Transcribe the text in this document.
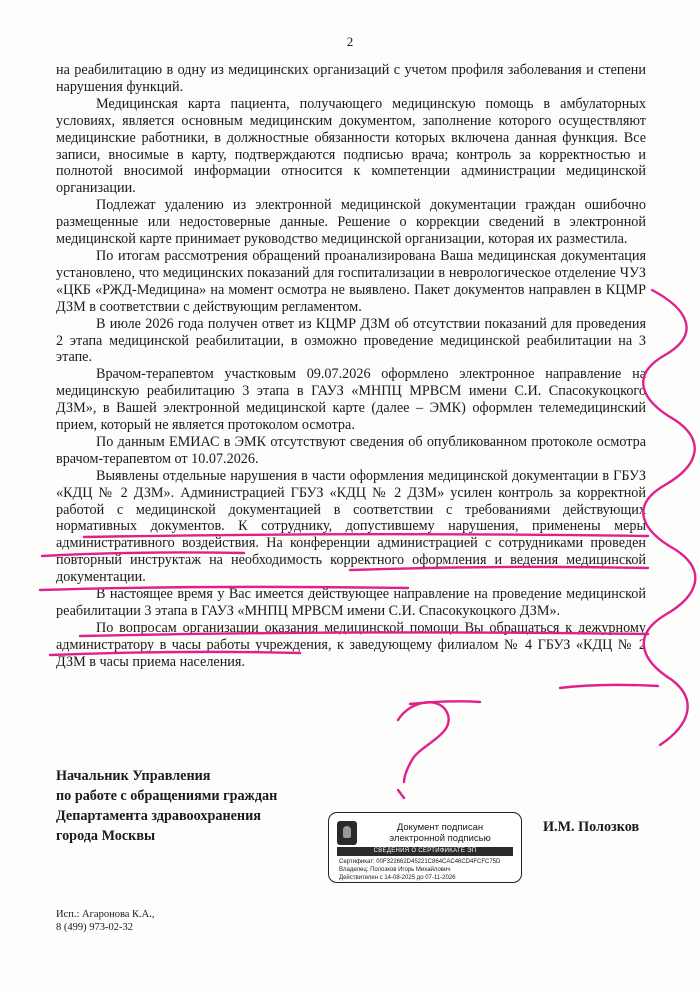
2

на реабилитацию в одну из медицинских организаций с учетом профиля заболевания и степени нарушения функций.

Медицинская карта пациента, получающего медицинскую помощь в амбулаторных условиях, является основным медицинским документом, заполнение которого осуществляют медицинские работники, в должностные обязанности которых включена данная функция. Все записи, вносимые в карту, подтверждаются подписью врача; контроль за корректностью и полнотой вносимой информации относится к компетенции администрации медицинской организации.

Подлежат удалению из электронной медицинской документации граждан ошибочно размещенные или недостоверные данные. Решение о коррекции сведений в электронной медицинской карте принимает руководство медицинской организации, которая их разместила.

По итогам рассмотрения обращений проанализирована Ваша медицинская документация установлено, что медицинских показаний для госпитализации в неврологическое отделение ЧУЗ «ЦКБ «РЖД-Медицина» на момент осмотра не выявлено. Пакет документов направлен в КЦМР ДЗМ в соответствии с действующим регламентом.

В июле 2026 года получен ответ из КЦМР ДЗМ об отсутствии показаний для проведения 2 этапа медицинской реабилитации, в озможно проведение медицинской реабилитации на 3 этапе.

Врачом-терапевтом участковым 09.07.2026 оформлено электронное направление на медицинскую реабилитацию 3 этапа в ГАУЗ «МНПЦ МРВСМ имени С.И. Спасокукоцкого ДЗМ», в Вашей электронной медицинской карте (далее – ЭМК) оформлен телемедицинский прием, который не является протоколом осмотра.

По данным ЕМИАС в ЭМК отсутствуют сведения об опубликованном протоколе осмотра врачом-терапевтом от 10.07.2026.

Выявлены отдельные нарушения в части оформления медицинской документации в ГБУЗ «КДЦ № 2 ДЗМ». Администрацией ГБУЗ «КДЦ № 2 ДЗМ» усилен контроль за корректной работой с медицинской документацией в соответствии с требованиями действующих нормативных документов. К сотруднику, допустившему нарушения, применены меры административного воздействия. На конференции администрацией с сотрудниками проведен повторный инструктаж на необходимость корректного оформления и ведения медицинской документации.

В настоящее время у Вас имеется действующее направление на проведение медицинской реабилитации 3 этапа в ГАУЗ «МНПЦ МРВСМ имени С.И. Спасокукоцкого ДЗМ».

По вопросам организации оказания медицинской помощи Вы обращаться к дежурному администратору в часы работы учреждения, к заведующему филиалом № 4 ГБУЗ «КДЦ № 2 ДЗМ в часы приема населения.

Начальник Управления
по работе с обращениями граждан
Департамента здравоохранения
города Москвы
Документ подписан
электронной подписью
СВЕДЕНИЯ О СЕРТИФИКАТЕ ЭП
Сертификат: 00F322662D45221C864CAC46CD4FCFC75D
Владелец: Полозков Игорь Михайлович
Действителен с 14-08-2025 до 07-11-2026
И.М. Полозков
Исп.: Агаронова К.А.,
8 (499) 973-02-32
